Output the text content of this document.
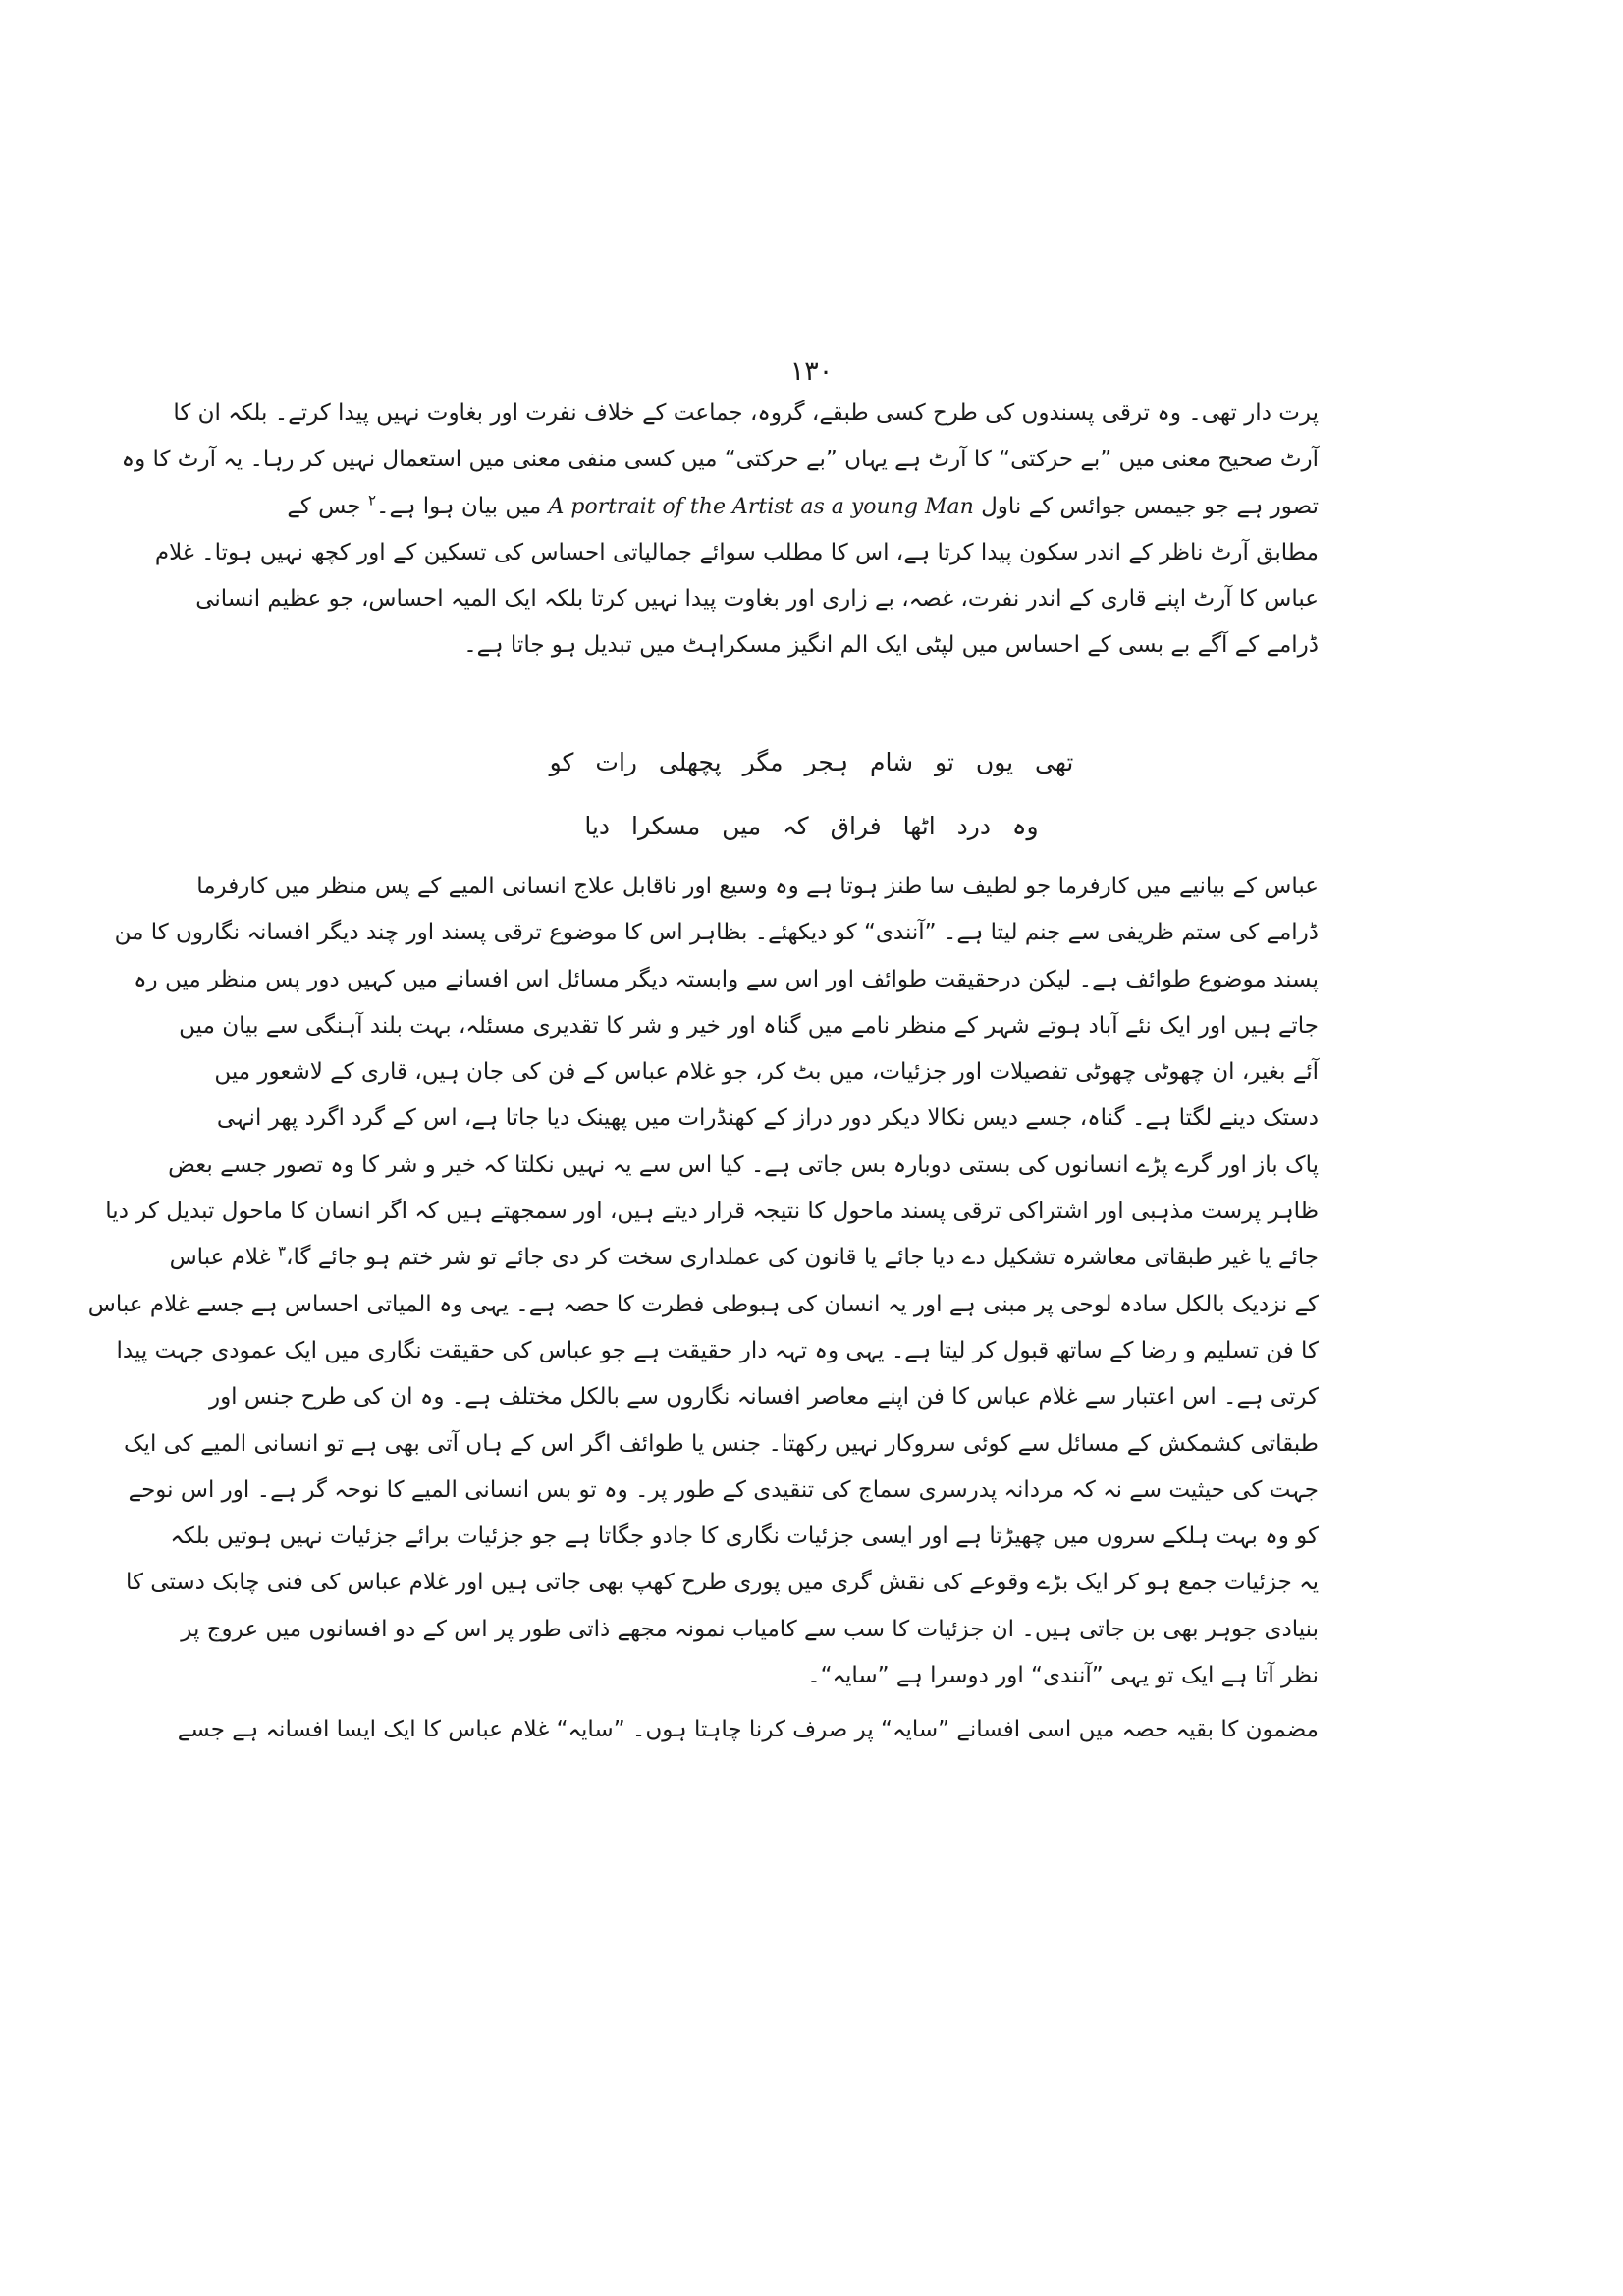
۱۳۰
پرت دار تھی۔ وہ ترقی پسندوں کی طرح کسی طبقے، گروہ، جماعت کے خلاف نفرت اور بغاوت نہیں پیدا کرتے۔ بلکہ ان کا
آرٹ صحیح معنی میں ”بے حرکتی“ کا آرٹ ہے یہاں ”بے حرکتی“ میں کسی منفی معنی میں استعمال نہیں کر رہا۔ یہ آرٹ کا وہ
تصور ہے جو جیمس جوائس کے ناول A portrait of the Artist as a young Man میں بیان ہوا ہے۔$^۲$ جس کے
مطابق آرٹ ناظر کے اندر سکون پیدا کرتا ہے، اس کا مطلب سوائے جمالیاتی احساس کی تسکین کے اور کچھ نہیں ہوتا۔ غلام
عباس کا آرٹ اپنے قاری کے اندر نفرت، غصہ، بے زاری اور بغاوت پیدا نہیں کرتا بلکہ ایک المیہ احساس، جو عظیم انسانی
ڈرامے کے آگے بے بسی کے احساس میں لپٹی ایک الم انگیز مسکراہٹ میں تبدیل ہو جاتا ہے۔
تھی یوں تو شام ہجر مگر پچھلی رات کو
وہ درد اٹھا فراق کہ میں مسکرا دیا
عباس کے بیانیے میں کارفرما جو لطیف سا طنز ہوتا ہے وہ وسیع اور ناقابل علاج انسانی المیے کے پس منظر میں کارفرما
ڈرامے کی ستم ظریفی سے جنم لیتا ہے۔ ”آنندی“ کو دیکھئے۔ بظاہر اس کا موضوع ترقی پسند اور چند دیگر افسانہ نگاروں کا من
پسند موضوع طوائف ہے۔ لیکن درحقیقت طوائف اور اس سے وابستہ دیگر مسائل اس افسانے میں کہیں دور پس منظر میں رہ
جاتے ہیں اور ایک نئے آباد ہوتے شہر کے منظر نامے میں گناہ اور خیر و شر کا تقدیری مسئلہ، بہت بلند آہنگی سے بیان میں
آئے بغیر، ان چھوٹی چھوٹی تفصیلات اور جزئیات، میں بٹ کر، جو غلام عباس کے فن کی جان ہیں، قاری کے لاشعور میں
دستک دینے لگتا ہے۔ گناہ، جسے دیس نکالا دیکر دور دراز کے کھنڈرات میں پھینک دیا جاتا ہے، اس کے گرد اگرد پھر انہی
پاک باز اور گرے پڑے انسانوں کی بستی دوبارہ بس جاتی ہے۔ کیا اس سے یہ نہیں نکلتا کہ خیر و شر کا وہ تصور جسے بعض
ظاہر پرست مذہبی اور اشتراکی ترقی پسند ماحول کا نتیجہ قرار دیتے ہیں، اور سمجھتے ہیں کہ اگر انسان کا ماحول تبدیل کر دیا
جائے یا غیر طبقاتی معاشرہ تشکیل دے دیا جائے یا قانون کی عملداری سخت کر دی جائے تو شر ختم ہو جائے گا،$^۳$ غلام عباس
کے نزدیک بالکل سادہ لوحی پر مبنی ہے اور یہ انسان کی ہبوطی فطرت کا حصہ ہے۔ یہی وہ المیاتی احساس ہے جسے غلام عباس
کا فن تسلیم و رضا کے ساتھ قبول کر لیتا ہے۔ یہی وہ تہہ دار حقیقت ہے جو عباس کی حقیقت نگاری میں ایک عمودی جہت پیدا
کرتی ہے۔ اس اعتبار سے غلام عباس کا فن اپنے معاصر افسانہ نگاروں سے بالکل مختلف ہے۔ وہ ان کی طرح جنس اور
طبقاتی کشمکش کے مسائل سے کوئی سروکار نہیں رکھتا۔ جنس یا طوائف اگر اس کے ہاں آتی بھی ہے تو انسانی المیے کی ایک
جہت کی حیثیت سے نہ کہ مردانہ پدرسری سماج کی تنقیدی کے طور پر۔ وہ تو بس انسانی المیے کا نوحہ گر ہے۔ اور اس نوحے
کو وہ بہت ہلکے سروں میں چھیڑتا ہے اور ایسی جزئیات نگاری کا جادو جگاتا ہے جو جزئیات برائے جزئیات نہیں ہوتیں بلکہ
یہ جزئیات جمع ہو کر ایک بڑے وقوعے کی نقش گری میں پوری طرح کھپ بھی جاتی ہیں اور غلام عباس کی فنی چابک دستی کا
بنیادی جوہر بھی بن جاتی ہیں۔ ان جزئیات کا سب سے کامیاب نمونہ مجھے ذاتی طور پر اس کے دو افسانوں میں عروج پر
نظر آتا ہے ایک تو یہی ”آنندی“ اور دوسرا ہے ”سایہ“۔
مضمون کا بقیہ حصہ میں اسی افسانے ”سایہ“ پر صرف کرنا چاہتا ہوں۔ ”سایہ“ غلام عباس کا ایک ایسا افسانہ ہے جسے
